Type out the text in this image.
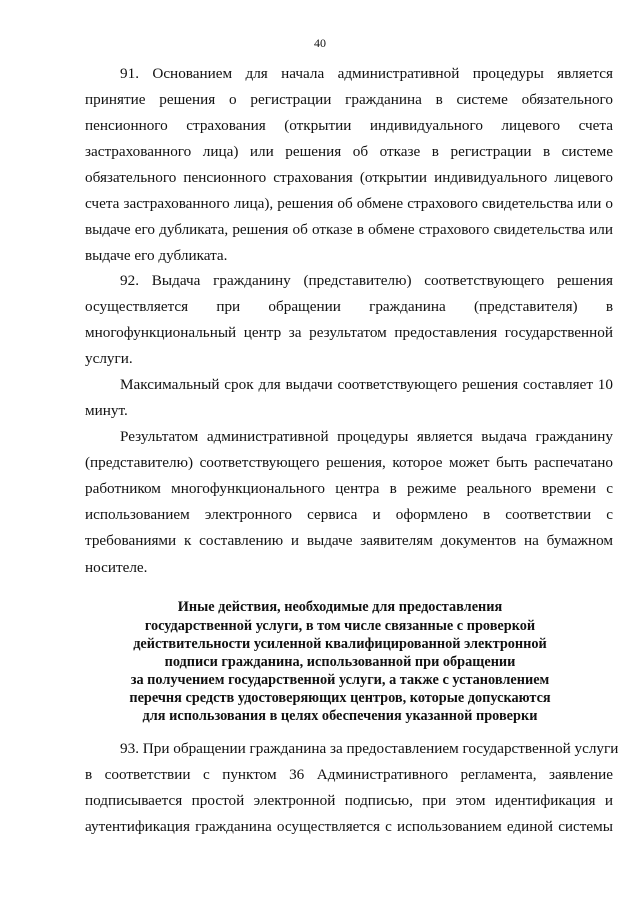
40
91. Основанием для начала административной процедуры является
принятие решения о регистрации гражданина в системе обязательного
пенсионного страхования (открытии индивидуального лицевого счета
застрахованного лица) или решения об отказе в регистрации в системе
обязательного пенсионного страхования (открытии индивидуального лицевого
счета застрахованного лица), решения об обмене страхового свидетельства или о
выдаче его дубликата, решения об отказе в обмене страхового свидетельства или
выдаче его дубликата.
92. Выдача гражданину (представителю) соответствующего решения
осуществляется при обращении гражданина (представителя) в
многофункциональный центр за результатом предоставления государственной
услуги.
Максимальный срок для выдачи соответствующего решения составляет 10
минут.
Результатом административной процедуры является выдача гражданину
(представителю) соответствующего решения, которое может быть распечатано
работником многофункционального центра в режиме реального времени с
использованием электронного сервиса и оформлено в соответствии с
требованиями к составлению и выдаче заявителям документов на бумажном
носителе.
Иные действия, необходимые для предоставления
государственной услуги, в том числе связанные с проверкой
действительности усиленной квалифицированной электронной
подписи гражданина, использованной при обращении
за получением государственной услуги, а также с установлением
перечня средств удостоверяющих центров, которые допускаются
для использования в целях обеспечения указанной проверки
93. При обращении гражданина за предоставлением государственной услуги
в соответствии с пунктом 36 Административного регламента, заявление
подписывается простой электронной подписью, при этом идентификация и
аутентификация гражданина осуществляется с использованием единой системы
